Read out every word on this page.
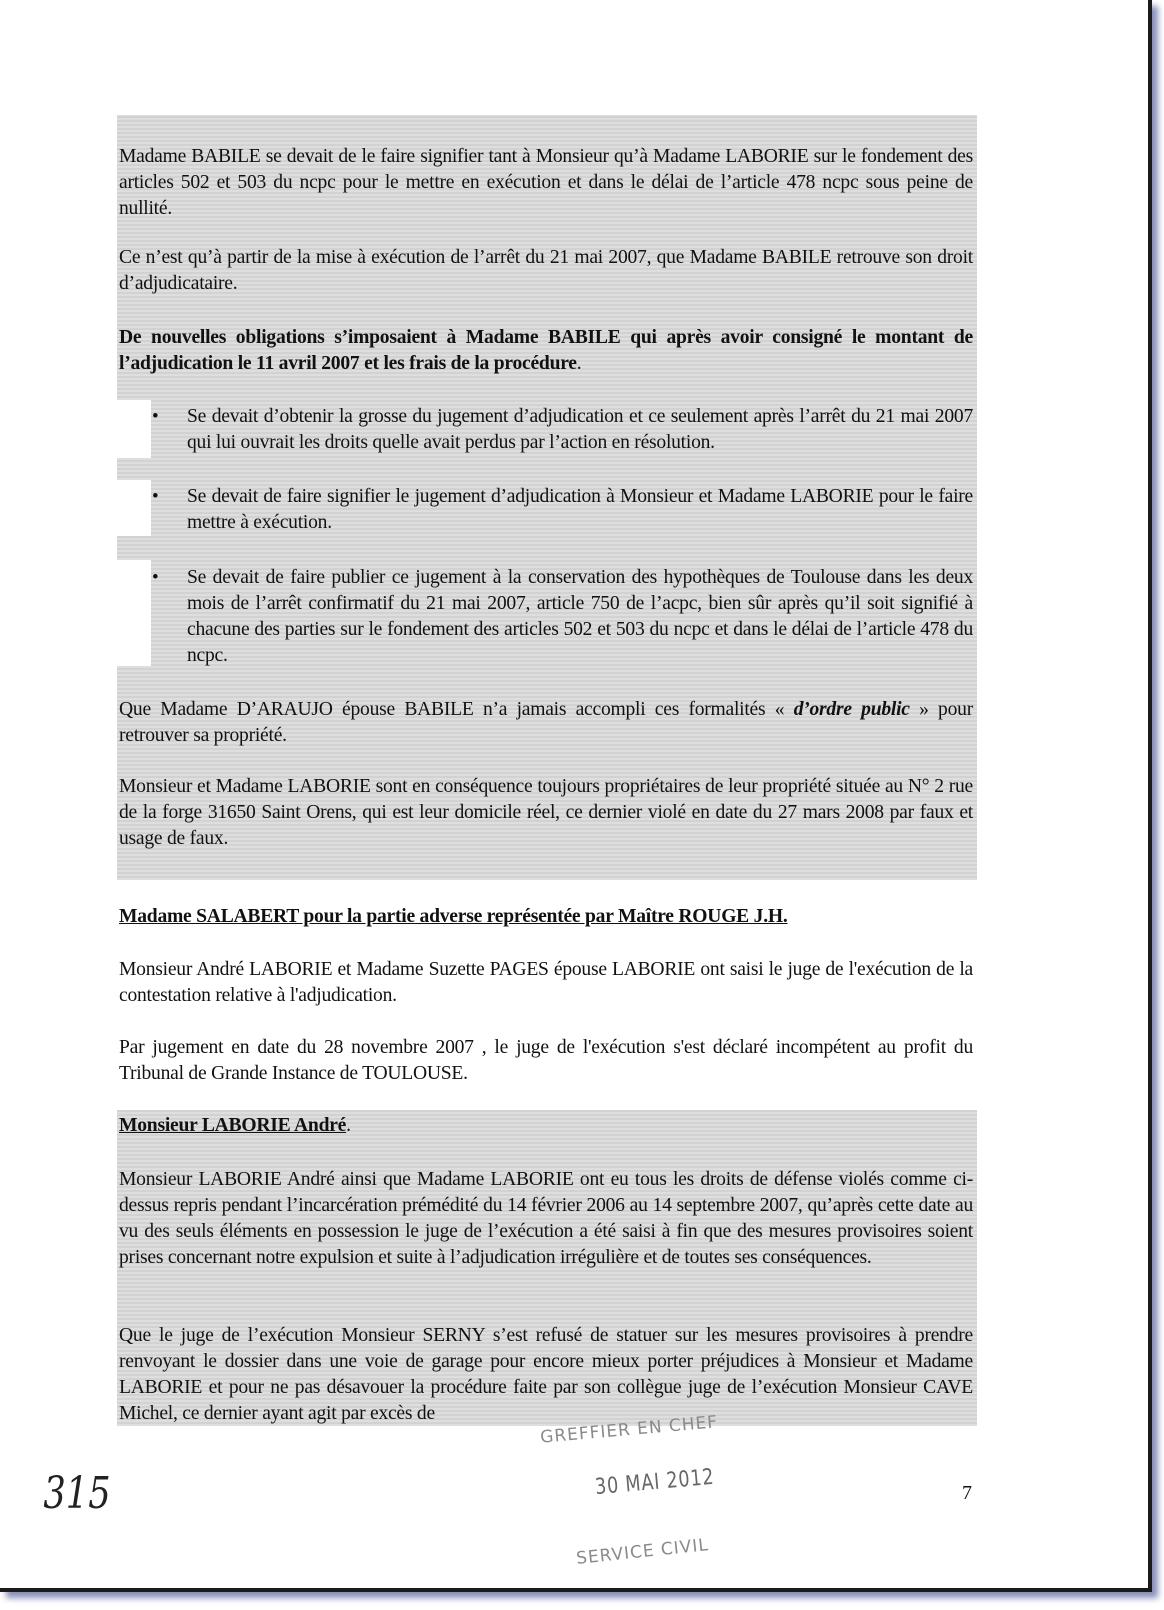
Madame BABILE se devait de le faire signifier tant à Monsieur qu’à Madame LABORIE sur le fondement des articles 502 et 503 du ncpc pour le mettre en exécution et dans le délai de l’article 478 ncpc sous peine de nullité.
Ce n’est qu’à partir de la mise à exécution de l’arrêt du 21 mai 2007, que Madame BABILE retrouve son droit d’adjudicataire.
De nouvelles obligations s’imposaient à Madame BABILE qui après avoir consigné le montant de l’adjudication le 11 avril 2007 et les frais de la procédure.
• Se devait d’obtenir la grosse du jugement d’adjudication et ce seulement après l’arrêt du 21 mai 2007 qui lui ouvrait les droits quelle avait perdus par l’action en résolution.
• Se devait de faire signifier le jugement d’adjudication à Monsieur et Madame LABORIE pour le faire mettre à exécution.
• Se devait de faire publier ce jugement à la conservation des hypothèques de Toulouse dans les deux mois de l’arrêt confirmatif du 21 mai 2007, article 750 de l’acpc, bien sûr après qu’il soit signifié à chacune des parties sur le fondement des articles 502 et 503 du ncpc et dans le délai de l’article 478 du ncpc.
Que Madame D’ARAUJO épouse BABILE n’a jamais accompli ces formalités « d’ordre public » pour retrouver sa propriété.
Monsieur et Madame LABORIE sont en conséquence toujours propriétaires de leur propriété située au N° 2 rue de la forge 31650 Saint Orens, qui est leur domicile réel, ce dernier violé en date du 27 mars 2008 par faux et usage de faux.
Madame SALABERT pour la partie adverse représentée par Maître ROUGE J.H.
Monsieur André LABORIE et Madame Suzette PAGES épouse LABORIE ont saisi le juge de l'exécution de la contestation relative à l'adjudication.
Par jugement en date du 28 novembre 2007 , le juge de l'exécution s'est déclaré incompétent au profit du Tribunal de Grande Instance de TOULOUSE.
Monsieur LABORIE André.
Monsieur LABORIE André ainsi que Madame LABORIE ont eu tous les droits de défense violés comme ci-dessus repris pendant l’incarcération prémédité du 14 février 2006 au 14 septembre 2007, qu’après cette date au vu des seuls éléments en possession le juge de l’exécution a été saisi à fin que des mesures provisoires soient prises concernant notre expulsion et suite à l’adjudication irrégulière et de toutes ses conséquences.
Que le juge de l’exécution Monsieur SERNY s’est refusé de statuer sur les mesures provisoires à prendre renvoyant le dossier dans une voie de garage pour encore mieux porter préjudices à Monsieur et Madame LABORIE et pour ne pas désavouer la procédure faite par son collègue juge de l’exécution Monsieur CAVE Michel, ce dernier ayant agit par excès de	GREFFIER EN CHEF
30 MAI 2012
SERVICE CIVIL
315	7
